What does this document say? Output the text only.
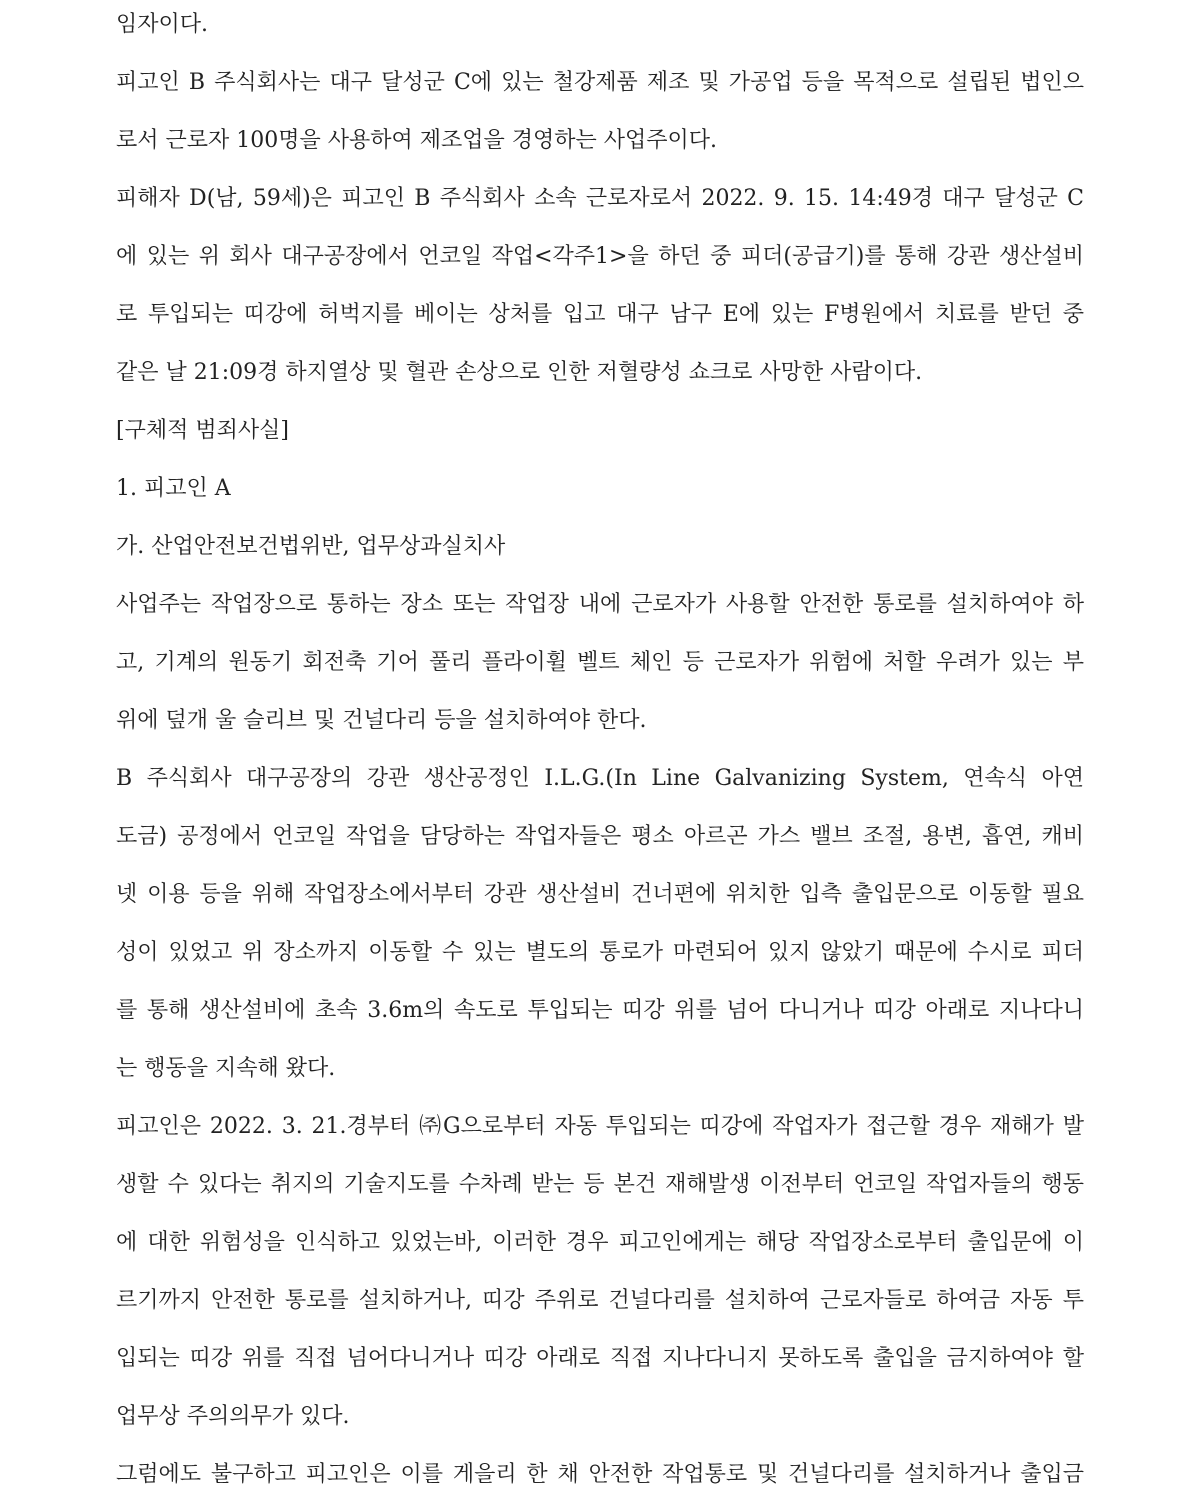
임자이다.
피고인 B 주식회사는 대구 달성군 C에 있는 철강제품 제조 및 가공업 등을 목적으로 설립된 법인으
로서 근로자 100명을 사용하여 제조업을 경영하는 사업주이다.
피해자 D(남, 59세)은 피고인 B 주식회사 소속 근로자로서 2022. 9. 15. 14:49경 대구 달성군 C
에 있는 위 회사 대구공장에서 언코일 작업<각주1>을 하던 중 피더(공급기)를 통해 강관 생산설비
로 투입되는 띠강에 허벅지를 베이는 상처를 입고 대구 남구 E에 있는 F병원에서 치료를 받던 중
같은 날 21:09경 하지열상 및 혈관 손상으로 인한 저혈량성 쇼크로 사망한 사람이다.
[구체적 범죄사실]
1. 피고인 A
가. 산업안전보건법위반, 업무상과실치사
사업주는 작업장으로 통하는 장소 또는 작업장 내에 근로자가 사용할 안전한 통로를 설치하여야 하
고, 기계의 원동기 회전축 기어 풀리 플라이휠 벨트 체인 등 근로자가 위험에 처할 우려가 있는 부
위에 덮개 울 슬리브 및 건널다리 등을 설치하여야 한다.
B 주식회사 대구공장의 강관 생산공정인 I.L.G.(In Line Galvanizing System, 연속식 아연
도금) 공정에서 언코일 작업을 담당하는 작업자들은 평소 아르곤 가스 밸브 조절, 용변, 흡연, 캐비
넷 이용 등을 위해 작업장소에서부터 강관 생산설비 건너편에 위치한 입측 출입문으로 이동할 필요
성이 있었고 위 장소까지 이동할 수 있는 별도의 통로가 마련되어 있지 않았기 때문에 수시로 피더
를 통해 생산설비에 초속 3.6m의 속도로 투입되는 띠강 위를 넘어 다니거나 띠강 아래로 지나다니
는 행동을 지속해 왔다.
피고인은 2022. 3. 21.경부터 ㈜G으로부터 자동 투입되는 띠강에 작업자가 접근할 경우 재해가 발
생할 수 있다는 취지의 기술지도를 수차례 받는 등 본건 재해발생 이전부터 언코일 작업자들의 행동
에 대한 위험성을 인식하고 있었는바, 이러한 경우 피고인에게는 해당 작업장소로부터 출입문에 이
르기까지 안전한 통로를 설치하거나, 띠강 주위로 건널다리를 설치하여 근로자들로 하여금 자동 투
입되는 띠강 위를 직접 넘어다니거나 띠강 아래로 직접 지나다니지 못하도록 출입을 금지하여야 할
업무상 주의의무가 있다.
그럼에도 불구하고 피고인은 이를 게을리 한 채 안전한 작업통로 및 건널다리를 설치하거나 출입금
